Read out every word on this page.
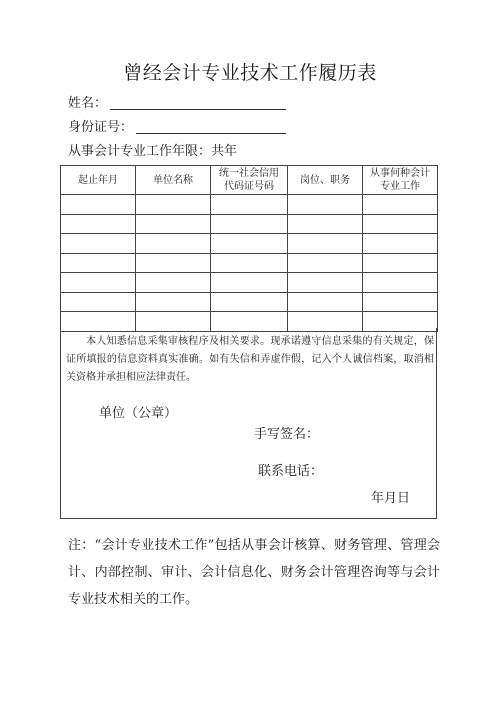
曾经会计专业技术工作履历表
姓名：
身份证号：
从事会计专业工作年限：共年
起止年月	单位名称	统一社会信用代码证号码	岗位、职务	从事何种会计专业工作

本人知悉信息采集审核程序及相关要求。现承诺遵守信息采集的有关规定，保证所填报的信息资料真实准确。如有失信和弄虚作假，记入个人诚信档案，取消相关资格并承担相应法律责任。
单位（公章）
手写签名：
联系电话：
年月日
注：“会计专业技术工作”包括从事会计核算、财务管理、管理会计、内部控制、审计、会计信息化、财务会计管理咨询等与会计专业技术相关的工作。
